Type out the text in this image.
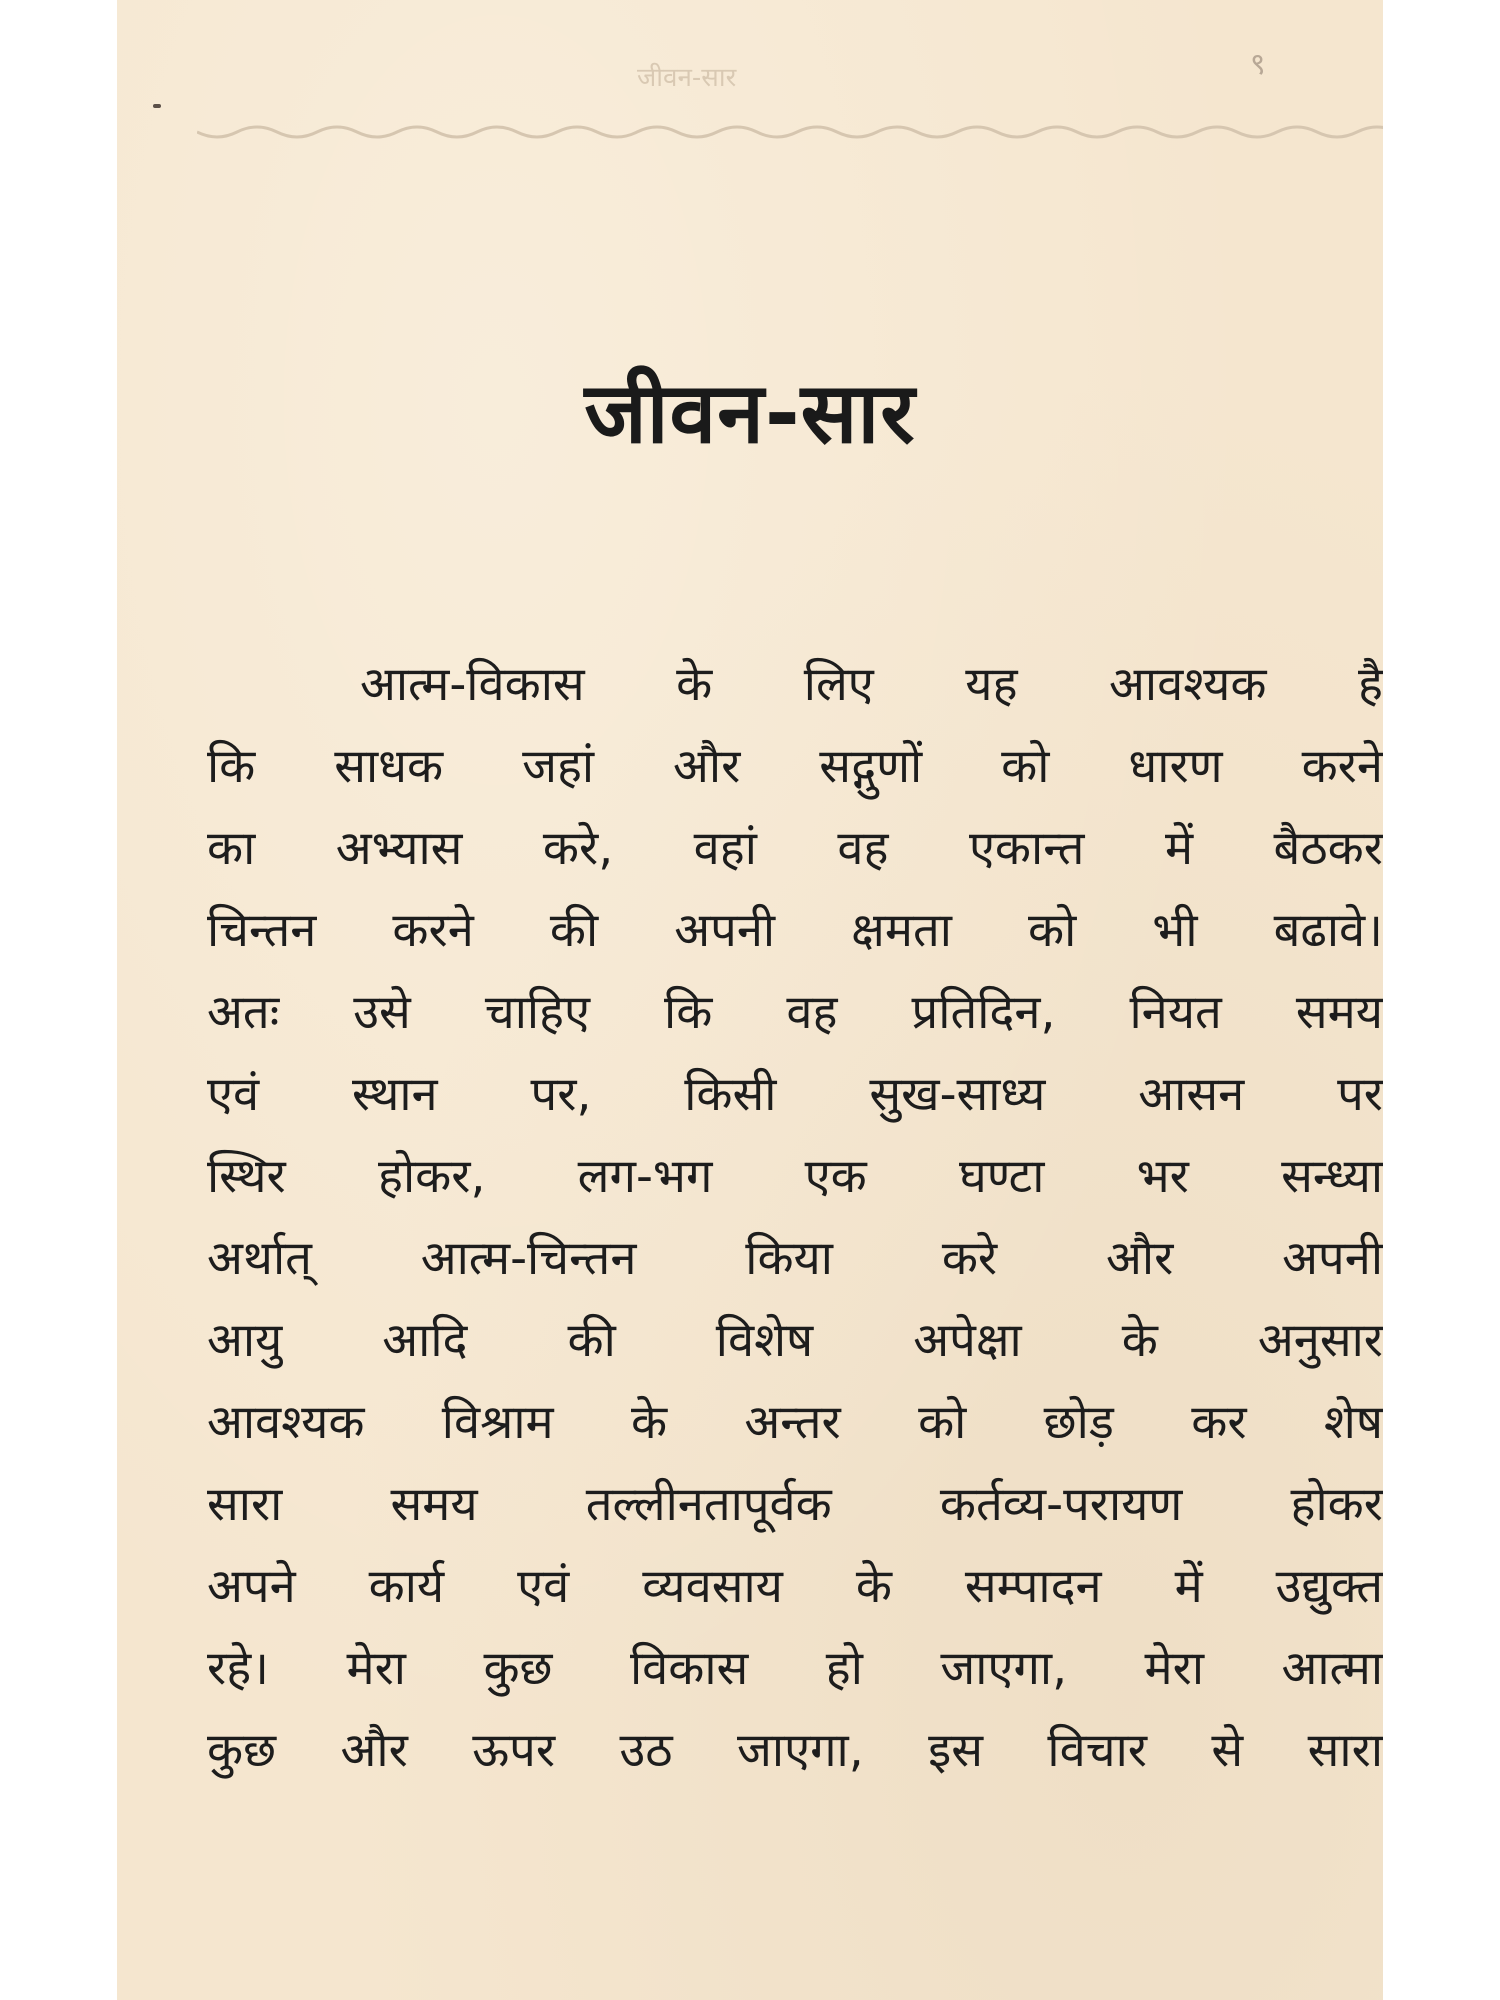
जीवन-सार	९
जीवन-सार
आत्म-विकास के लिए यह आवश्यक है
कि साधक जहां और सद्गुणों को धारण करने
का अभ्यास करे, वहां वह एकान्त में बैठकर
चिन्तन करने की अपनी क्षमता को भी बढावे।
अतः उसे चाहिए कि वह प्रतिदिन, नियत समय
एवं स्थान पर, किसी सुख-साध्य आसन पर
स्थिर होकर, लग-भग एक घण्टा भर सन्ध्या
अर्थात् आत्म-चिन्तन किया करे और अपनी
आयु आदि की विशेष अपेक्षा के अनुसार
आवश्यक विश्राम के अन्तर को छोड़ कर शेष
सारा समय तल्लीनतापूर्वक कर्तव्य-परायण होकर
अपने कार्य एवं व्यवसाय के सम्पादन में उद्युक्त
रहे। मेरा कुछ विकास हो जाएगा, मेरा आत्मा
कुछ और ऊपर उठ जाएगा, इस विचार से सारा
